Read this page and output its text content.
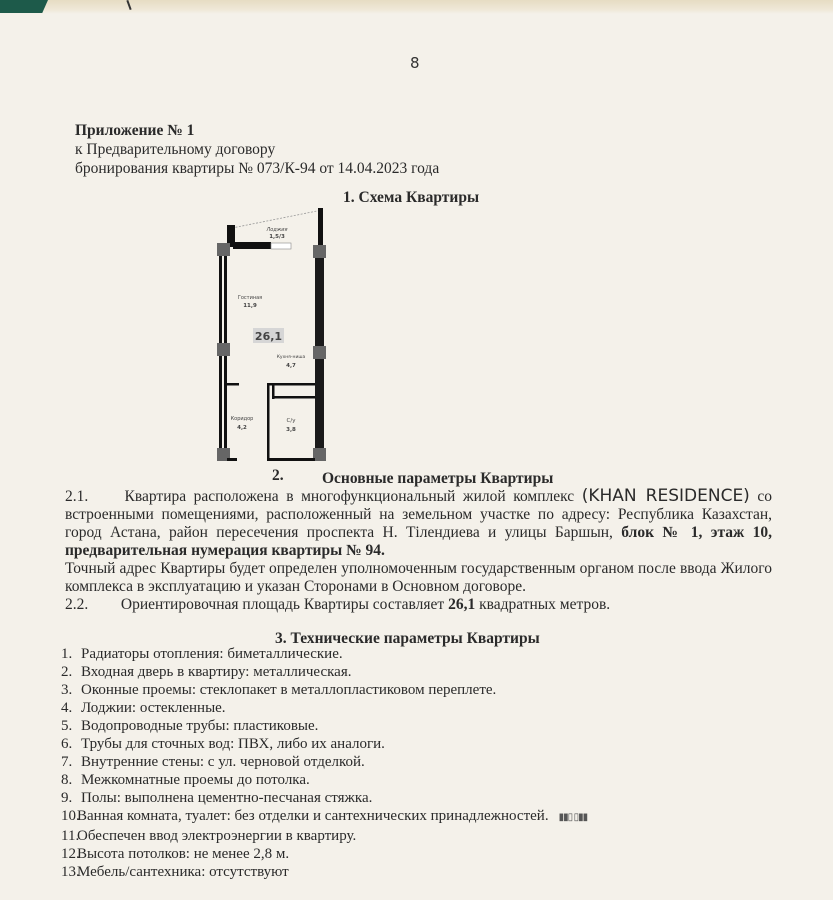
8
Приложение № 1
к Предварительному договору
бронирования квартиры № 073/К-94 от 14.04.2023 года
1. Схема Квартиры
Лоджия
1,5/3
Гостиная
11,9
26,1
Кухня-ниша
4,7
Коридор
4,2
С/у
3,8
2. Основные параметры Квартиры
2.1. Квартира расположена в многофункциональный жилой комплекс (KHAN RESIDENCE) со встроенными помещениями, расположенный на земельном участке по адресу: Республика Казахстан, город Астана, район пересечения проспекта Н. Тілендиева и улицы Баршын, блок № 1, этаж 10, предварительная нумерация квартиры № 94.

Точный адрес Квартиры будет определен уполномоченным государственным органом после ввода Жилого комплекса в эксплуатацию и указан Сторонами в Основном договоре.
2.2. Ориентировочная площадь Квартиры составляет 26,1 квадратных метров.
3. Технические параметры Квартиры
1. Радиаторы отопления: биметаллические.
2. Входная дверь в квартиру: металлическая.
3. Оконные проемы: стеклопакет в металлопластиковом переплете.
4. Лоджии: остекленные.
5. Водопроводные трубы: пластиковые.
6. Трубы для сточных вод: ПВХ, либо их аналоги.
7. Внутренние стены: с ул. черновой отделкой.
8. Межкомнатные проемы до потолка.
9. Полы: выполнена цементно-песчаная стяжка.
10.Ванная комната, туалет: без отделки и сантехнических принадлежностей. ▮▮▯ ▯▮▮
11.Обеспечен ввод электроэнергии в квартиру.
12.Высота потолков: не менее 2,8 м.
13.Мебель/сантехника: отсутствуют
